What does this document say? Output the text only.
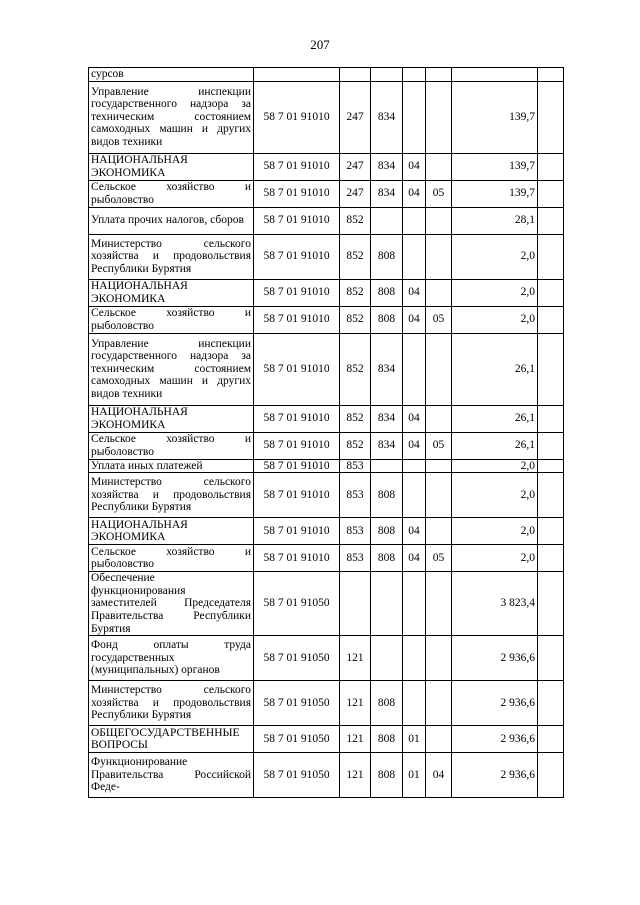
207
сурсов							
Управление инспекции государственного надзора за техническим состоянием самоходных машин и других видов техники	58 7 01 91010	247	834			139,7	
НАЦИОНАЛЬНАЯ ЭКОНОМИКА	58 7 01 91010	247	834	04		139,7	
Сельское хозяйство и рыболовство	58 7 01 91010	247	834	04	05	139,7	
Уплата прочих налогов, сборов	58 7 01 91010	852				28,1	
Министерство сельского хозяйства и продовольствия Республики Бурятия	58 7 01 91010	852	808			2,0	
НАЦИОНАЛЬНАЯ ЭКОНОМИКА	58 7 01 91010	852	808	04		2,0	
Сельское хозяйство и рыболовство	58 7 01 91010	852	808	04	05	2,0	
Управление инспекции государственного надзора за техническим состоянием самоходных машин и других видов техники	58 7 01 91010	852	834			26,1	
НАЦИОНАЛЬНАЯ ЭКОНОМИКА	58 7 01 91010	852	834	04		26,1	
Сельское хозяйство и рыболовство	58 7 01 91010	852	834	04	05	26,1	
Уплата иных платежей	58 7 01 91010	853				2,0	
Министерство сельского хозяйства и продовольствия Республики Бурятия	58 7 01 91010	853	808			2,0	
НАЦИОНАЛЬНАЯ ЭКОНОМИКА	58 7 01 91010	853	808	04		2,0	
Сельское хозяйство и рыболовство	58 7 01 91010	853	808	04	05	2,0	
Обеспечение функционирования заместителей Председателя Правительства Республики Бурятия	58 7 01 91050					3 823,4	
Фонд оплаты труда государственных (муниципальных) органов	58 7 01 91050	121				2 936,6	
Министерство сельского хозяйства и продовольствия Республики Бурятия	58 7 01 91050	121	808			2 936,6	
ОБЩЕГОСУДАРСТВЕННЫЕ ВОПРОСЫ	58 7 01 91050	121	808	01		2 936,6	
Функционирование Правительства Российской Феде-	58 7 01 91050	121	808	01	04	2 936,6	
